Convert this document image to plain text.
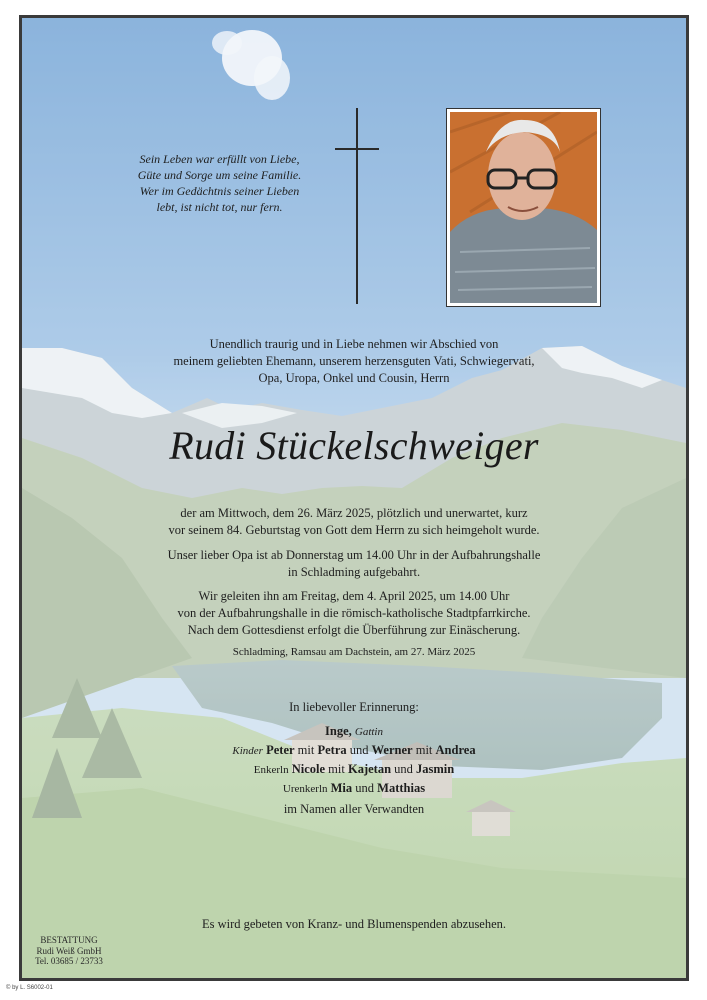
Sein Leben war erfüllt von Liebe,
Güte und Sorge um seine Familie.
Wer im Gedächtnis seiner Lieben
lebt, ist nicht tot, nur fern.
Unendlich traurig und in Liebe nehmen wir Abschied von
meinem geliebten Ehemann, unserem herzensguten Vati, Schwiegervati,
Opa, Uropa, Onkel und Cousin, Herrn
Rudi Stückelschweiger
der am Mittwoch, dem 26. März 2025, plötzlich und unerwartet, kurz
vor seinem 84. Geburtstag von Gott dem Herrn zu sich heimgeholt wurde.
Unser lieber Opa ist ab Donnerstag um 14.00 Uhr in der Aufbahrungshalle
in Schladming aufgebahrt.
Wir geleiten ihn am Freitag, dem 4. April 2025, um 14.00 Uhr
von der Aufbahrungshalle in die römisch-katholische Stadtpfarrkirche.
Nach dem Gottesdienst erfolgt die Überführung zur Einäscherung.
Schladming, Ramsau am Dachstein, am 27. März 2025
In liebevoller Erinnerung:
Inge, Gattin
Kinder Peter mit Petra und Werner mit Andrea
Enkerln Nicole mit Kajetan und Jasmin
Urenkerln Mia und Matthias
im Namen aller Verwandten
Es wird gebeten von Kranz- und Blumenspenden abzusehen.
BESTATTUNG
Rudi Weiß GmbH
Tel. 03685 / 23733
© by L. S6002-01
